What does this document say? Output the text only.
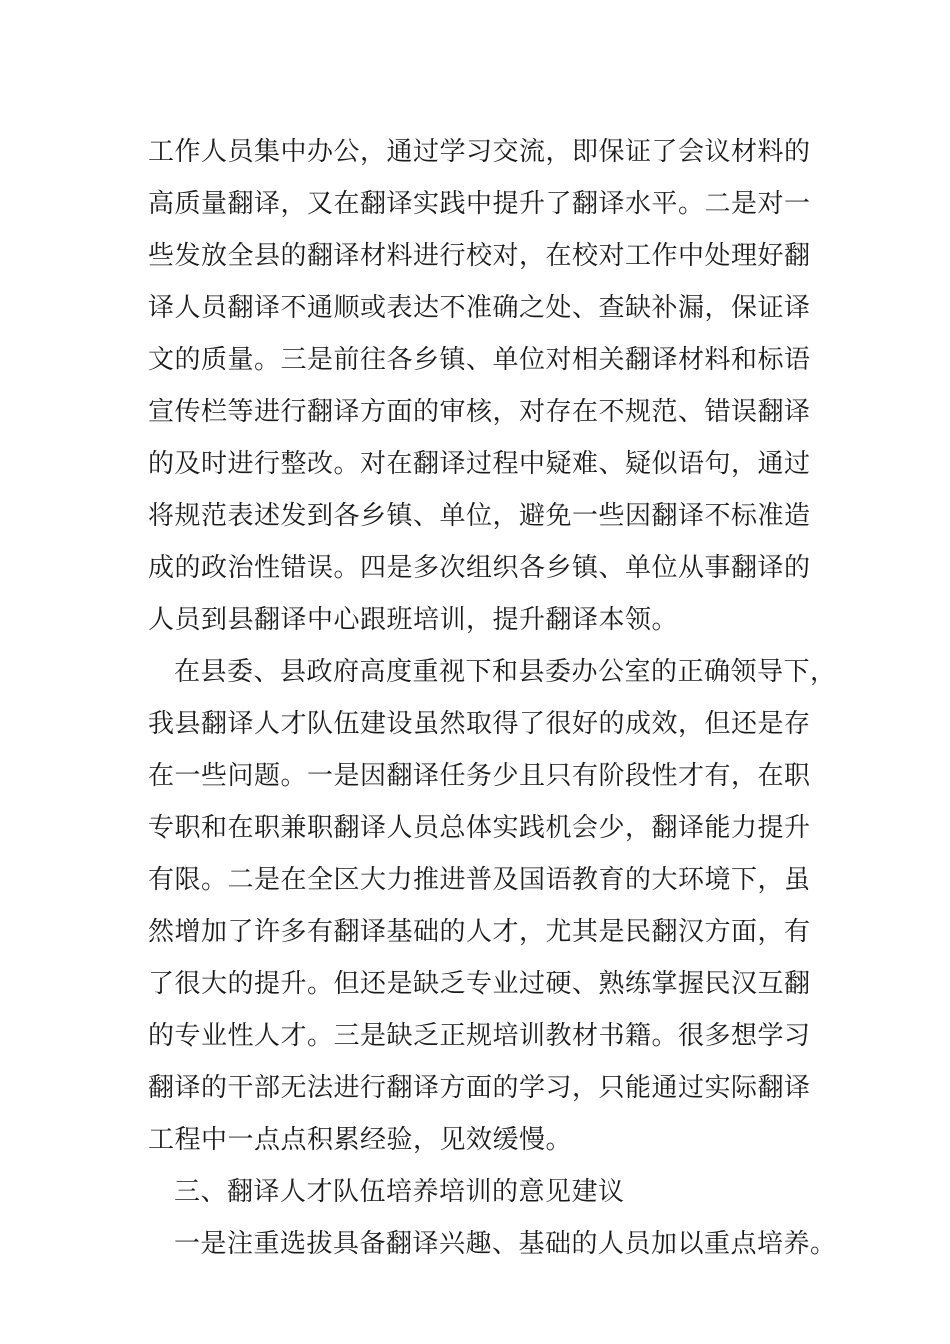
工作人员集中办公，通过学习交流，即保证了会议材料的
高质量翻译，又在翻译实践中提升了翻译水平。二是对一
些发放全县的翻译材料进行校对，在校对工作中处理好翻
译人员翻译不通顺或表达不准确之处、查缺补漏，保证译
文的质量。三是前往各乡镇、单位对相关翻译材料和标语
宣传栏等进行翻译方面的审核，对存在不规范、错误翻译
的及时进行整改。对在翻译过程中疑难、疑似语句，通过
将规范表述发到各乡镇、单位，避免一些因翻译不标准造
成的政治性错误。四是多次组织各乡镇、单位从事翻译的
人员到县翻译中心跟班培训，提升翻译本领。
在县委、县政府高度重视下和县委办公室的正确领导下，
我县翻译人才队伍建设虽然取得了很好的成效，但还是存
在一些问题。一是因翻译任务少且只有阶段性才有，在职
专职和在职兼职翻译人员总体实践机会少，翻译能力提升
有限。二是在全区大力推进普及国语教育的大环境下，虽
然增加了许多有翻译基础的人才，尤其是民翻汉方面，有
了很大的提升。但还是缺乏专业过硬、熟练掌握民汉互翻
的专业性人才。三是缺乏正规培训教材书籍。很多想学习
翻译的干部无法进行翻译方面的学习，只能通过实际翻译
工程中一点点积累经验，见效缓慢。
三、翻译人才队伍培养培训的意见建议
一是注重选拔具备翻译兴趣、基础的人员加以重点培养。
